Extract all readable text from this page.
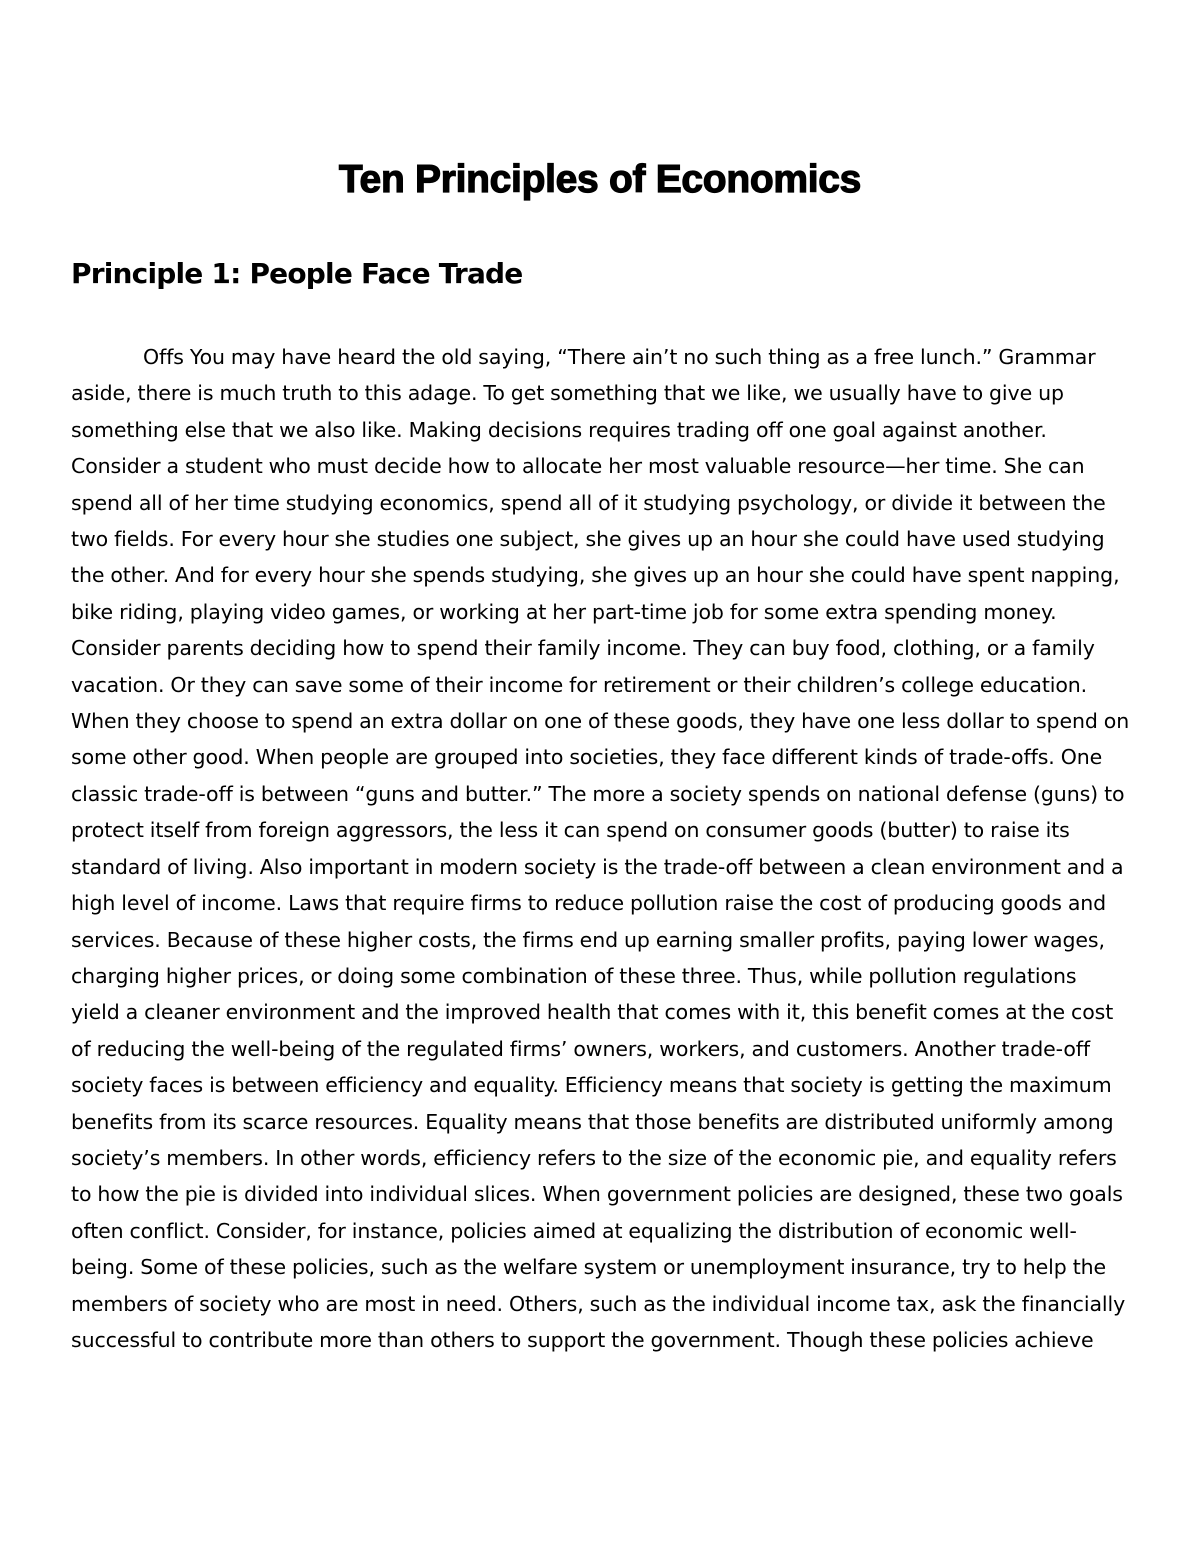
Ten Principles of Economics
Principle 1: People Face Trade

Offs You may have heard the old saying, “There ain’t no such thing as a free lunch.” Grammar aside, there is much truth to this adage. To get something that we like, we usually have to give up something else that we also like. Making decisions requires trading off one goal against another. Consider a student who must decide how to allocate her most valuable resource—her time. She can spend all of her time studying economics, spend all of it studying psychology, or divide it between the two fields. For every hour she studies one subject, she gives up an hour she could have used studying the other. And for every hour she spends studying, she gives up an hour she could have spent napping, bike riding, playing video games, or working at her part-time job for some extra spending money. Consider parents deciding how to spend their family income. They can buy food, clothing, or a family vacation. Or they can save some of their income for retirement or their children’s college education. When they choose to spend an extra dollar on one of these goods, they have one less dollar to spend on some other good. When people are grouped into societies, they face different kinds of trade-offs. One classic trade-off is between “guns and butter.” The more a society spends on national defense (guns) to protect itself from foreign aggressors, the less it can spend on consumer goods (butter) to raise its standard of living. Also important in modern society is the trade-off between a clean environment and a high level of income. Laws that require firms to reduce pollution raise the cost of producing goods and services. Because of these higher costs, the firms end up earning smaller profits, paying lower wages, charging higher prices, or doing some combination of these three. Thus, while pollution regulations yield a cleaner environment and the improved health that comes with it, this benefit comes at the cost of reducing the well-being of the regulated firms’ owners, workers, and customers. Another trade-off society faces is between efficiency and equality. Efficiency means that society is getting the maximum benefits from its scarce resources. Equality means that those benefits are distributed uniformly among society’s members. In other words, efficiency refers to the size of the economic pie, and equality refers to how the pie is divided into individual slices. When government policies are designed, these two goals often conflict. Consider, for instance, policies aimed at equalizing the distribution of economic well-being. Some of these policies, such as the welfare system or unemployment insurance, try to help the members of society who are most in need. Others, such as the individual income tax, ask the financially successful to contribute more than others to support the government. Though these policies achieve
